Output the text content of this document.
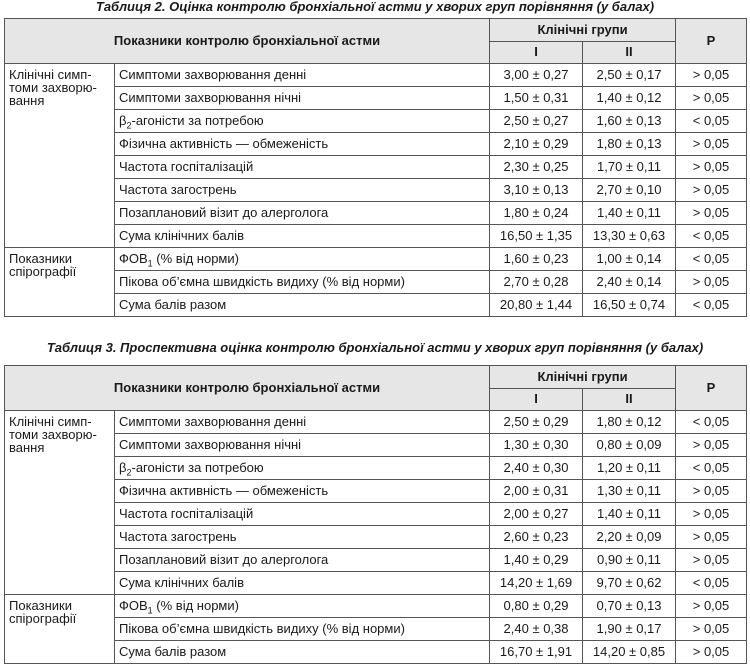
Таблиця 2. Оцінка контролю бронхіальної астми у хворих груп порівняння (у балах)
Показники контролю бронхіальної астми		Клінічні групи		P
		I	II	
Клінічні симп-томи захворю-вання	Симптоми захворювання денні	3,00 ± 0,27	2,50 ± 0,17	> 0,05
	Симптоми захворювання нічні	1,50 ± 0,31	1,40 ± 0,12	> 0,05
	$\beta_2$-агоністи за потребою	2,50 ± 0,27	1,60 ± 0,13	< 0,05
	Фізична активність — обмеженість	2,10 ± 0,29	1,80 ± 0,13	> 0,05
	Частота госпіталізацій	2,30 ± 0,25	1,70 ± 0,11	> 0,05
	Частота загострень	3,10 ± 0,13	2,70 ± 0,10	> 0,05
	Позаплановий візит до алерголога	1,80 ± 0,24	1,40 ± 0,11	> 0,05
	Сума клінічних балів	16,50 ± 1,35	13,30 ± 0,63	< 0,05
Показники спірографії	$ФОВ_1$ (% від норми)	1,60 ± 0,23	1,00 ± 0,14	< 0,05
	Пікова об’ємна швидкість видиху (% від норми)	2,70 ± 0,28	2,40 ± 0,14	> 0,05
	Сума балів разом	20,80 ± 1,44	16,50 ± 0,74	< 0,05
Таблиця 3. Проспективна оцінка контролю бронхіальної астми у хворих груп порівняння (у балах)
Показники контролю бронхіальної астми		Клінічні групи		P
		I	II	
Клінічні симп-томи захворю-вання	Симптоми захворювання денні	2,50 ± 0,29	1,80 ± 0,12	< 0,05
	Симптоми захворювання нічні	1,30 ± 0,30	0,80 ± 0,09	> 0,05
	$\beta_2$-агоністи за потребою	2,40 ± 0,30	1,20 ± 0,11	< 0,05
	Фізична активність — обмеженість	2,00 ± 0,31	1,30 ± 0,11	> 0,05
	Частота госпіталізацій	2,00 ± 0,27	1,40 ± 0,11	> 0,05
	Частота загострень	2,60 ± 0,23	2,20 ± 0,09	> 0,05
	Позаплановий візит до алерголога	1,40 ± 0,29	0,90 ± 0,11	> 0,05
	Сума клінічних балів	14,20 ± 1,69	9,70 ± 0,62	< 0,05
Показники спірографії	$ФОВ_1$ (% від норми)	0,80 ± 0,29	0,70 ± 0,13	> 0,05
	Пікова об’ємна швидкість видиху (% від норми)	2,40 ± 0,38	1,90 ± 0,17	> 0,05
	Сума балів разом	16,70 ± 1,91	14,20 ± 0,85	> 0,05
